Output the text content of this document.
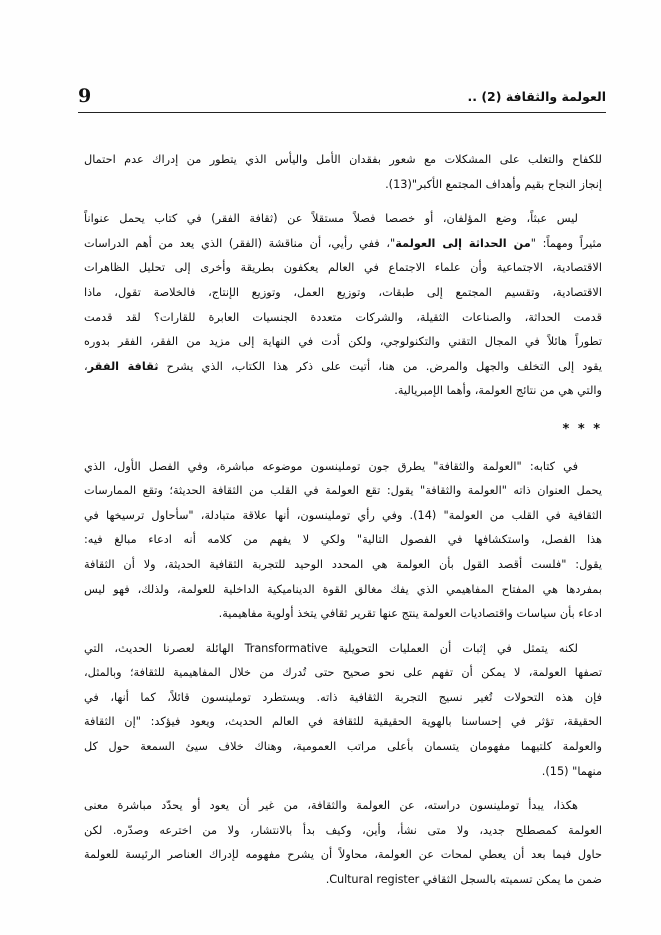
9	العولمة والثقافة (2) ..
للكفاح والتغلب على المشكلات مع شعور بفقدان الأمل واليأس الذي يتطور من إدراك عدم احتمال
إنجاز النجاح بقيم وأهداف المجتمع الأكبر"(13).
ليس عبثاً، وضع المؤلفان، أو خصصا فصلاً مستقلاً عن (ثقافة الفقر) في كتاب يحمل عنواناً
مثيراً ومهماً: "من الحداثة إلى العولمة"، ففي رأيي، أن مناقشة (الفقر) الذي يعد من أهم الدراسات
الاقتصادية، الاجتماعية وأن علماء الاجتماع في العالم يعكفون بطريقة وأخرى إلى تحليل الظاهرات
الاقتصادية، وتقسيم المجتمع إلى طبقات، وتوزيع العمل، وتوزيع الإنتاج، فالخلاصة تقول، ماذا
قدمت الحداثة، والصناعات الثقيلة، والشركات متعددة الجنسيات العابرة للقارات؟ لقد قدمت
تطوراً هائلاً في المجال التقني والتكنولوجي، ولكن أدت في النهاية إلى مزيد من الفقر، الفقر بدوره
يقود إلى التخلف والجهل والمرض. من هنا، أتيت على ذكر هذا الكتاب، الذي يشرح ثقافة الفقر،
والتي هي من نتائج العولمة، وأهما الإمبريالية.
* * *
في كتابه: "العولمة والثقافة" يطرق جون توملينسون موضوعه مباشرة، وفي الفصل الأول، الذي
يحمل العنوان ذاته "العولمة والثقافة" يقول: تقع العولمة في القلب من الثقافة الحديثة؛ وتقع الممارسات
الثقافية في القلب من العولمة" (14). وفي رأي توملينسون، أنها علاقة متبادلة، "سأحاول ترسيخها في
هذا الفصل، واستكشافها في الفصول التالية" ولكي لا يفهم من كلامه أنه ادعاء مبالغ فيه:
يقول: "فلست أقصد القول بأن العولمة هي المحدد الوحيد للتجربة الثقافية الحديثة، ولا أن الثقافة
بمفردها هي المفتاح المفاهيمي الذي يفك مغالق القوة الديناميكية الداخلية للعولمة، ولذلك، فهو ليس
ادعاء بأن سياسات واقتصاديات العولمة ينتج عنها تقرير ثقافي يتخذ أولوية مفاهيمية.
لكنه يتمثل في إثبات أن العمليات التحويلية Transformative الهائلة لعصرنا الحديث، التي
تصفها العولمة، لا يمكن أن تفهم على نحو صحيح حتى تُدرك من خلال المفاهيمية للثقافة؛ وبالمثل،
فإن هذه التحولات تُغير نسيج التجربة الثقافية ذاته. ويستطرد توملينسون قائلاً، كما أنها، في
الحقيقة، تؤثر في إحساسنا بالهوية الحقيقية للثقافة في العالم الحديث، ويعود فيؤكد: "إن الثقافة
والعولمة كلتيهما مفهومان يتسمان بأعلى مراتب العمومية، وهناك خلاف سيئ السمعة حول كل
منهما" (15).
هكذا، يبدأ توملينسون دراسته، عن العولمة والثقافة، من غير أن يعود أو يحدّد مباشرة معنى
العولمة كمصطلح جديد، ولا متى نشأ، وأين، وكيف بدأ بالانتشار، ولا من اخترعه وصدّره. لكن
حاول فيما بعد أن يعطي لمحات عن العولمة، محاولاً أن يشرح مفهومه لإدراك العناصر الرئيسة للعولمة
ضمن ما يمكن تسميته بالسجل الثقافي Cultural register.
